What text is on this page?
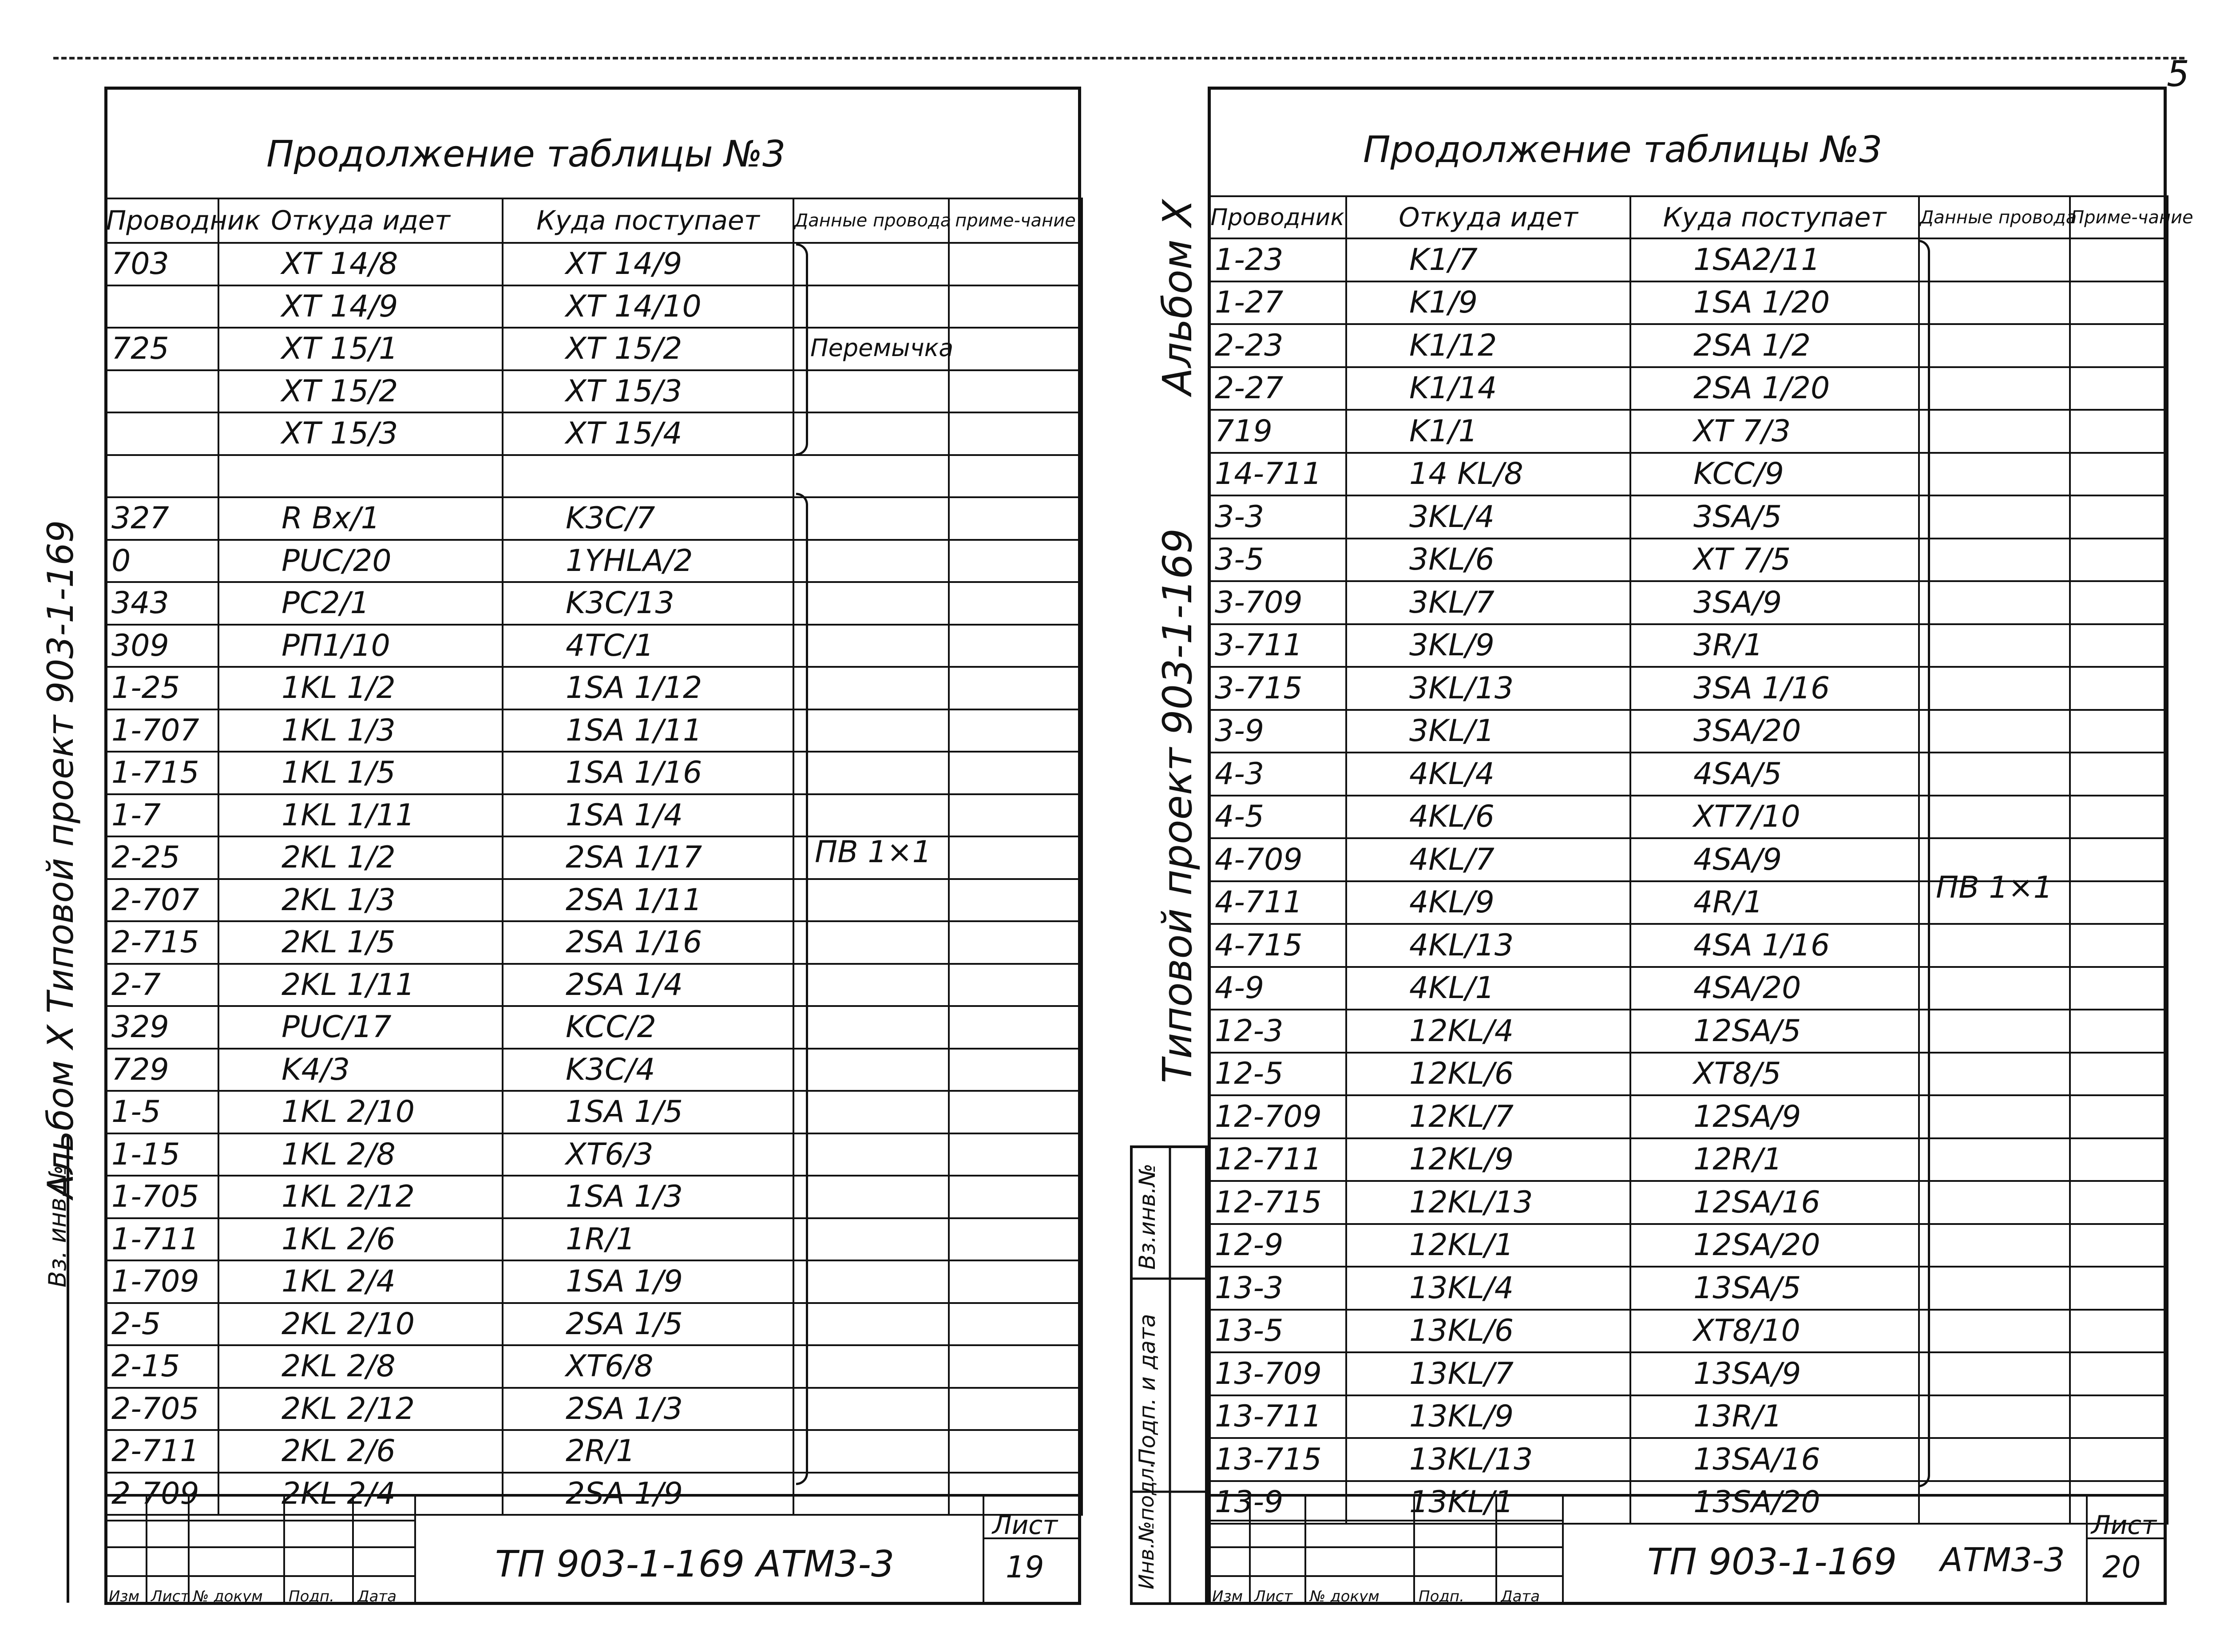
5
Продолжение таблицы №3
Проводник	Откуда идет	Куда поступает	Данные провода	приме-чание
703	XT 14/8	XT 14/9		
	XT 14/9	XT 14/10		
725	XT 15/1	XT 15/2		
	XT 15/2	XT 15/3		
	XT 15/3	XT 15/4		

327	R Bx/1	K3C/7		
0	PUC/20	1YHLA/2		
343	PC2/1	K3C/13		
309	РП1/10	4TC/1		
1-25	1KL 1/2	1SA 1/12		
1-707	1KL 1/3	1SA 1/11		
1-715	1KL 1/5	1SA 1/16		
1-7	1KL 1/11	1SA 1/4		
2-25	2KL 1/2	2SA 1/17		
2-707	2KL 1/3	2SA 1/11		
2-715	2KL 1/5	2SA 1/16		
2-7	2KL 1/11	2SA 1/4		
329	PUC/17	KCC/2		
729	K4/3	K3C/4		
1-5	1KL 2/10	1SA 1/5		
1-15	1KL 2/8	XT6/3		
1-705	1KL 2/12	1SA 1/3		
1-711	1KL 2/6	1R/1		
1-709	1KL 2/4	1SA 1/9		
2-5	2KL 2/10	2SA 1/5		
2-15	2KL 2/8	XT6/8		
2-705	2KL 2/12	2SA 1/3		
2-711	2KL 2/6	2R/1		
2-709	2KL 2/4	2SA 1/9		
Перемычка
ПВ 1×1
Изм Лист № докум Подп. Дата
ТП 903-1-169 АТМ3-3
Лист
19
Альбом Х Типовой проект 903-1-169
Вз. инв.№
Продолжение таблицы №3
Проводник	Откуда идет	Куда поступает	Данные провода	Приме-чание
1-23	K1/7	1SA2/11		
1-27	K1/9	1SA 1/20		
2-23	K1/12	2SA 1/2		
2-27	K1/14	2SA 1/20		
719	K1/1	XT 7/3		
14-711	14 KL/8	KCC/9		
3-3	3KL/4	3SA/5		
3-5	3KL/6	XT 7/5		
3-709	3KL/7	3SA/9		
3-711	3KL/9	3R/1		
3-715	3KL/13	3SA 1/16		
3-9	3KL/1	3SA/20		
4-3	4KL/4	4SA/5		
4-5	4KL/6	XT7/10		
4-709	4KL/7	4SA/9		
4-711	4KL/9	4R/1		
4-715	4KL/13	4SA 1/16		
4-9	4KL/1	4SA/20		
12-3	12KL/4	12SA/5		
12-5	12KL/6	XT8/5		
12-709	12KL/7	12SA/9		
12-711	12KL/9	12R/1		
12-715	12KL/13	12SA/16		
12-9	12KL/1	12SA/20		
13-3	13KL/4	13SA/5		
13-5	13KL/6	XT8/10		
13-709	13KL/7	13SA/9		
13-711	13KL/9	13R/1		
13-715	13KL/13	13SA/16		
13-9	13KL/1	13SA/20		
ПВ 1×1
Изм Лист № докум	Подп. Дата
ТП 903-1-169 АТМ3-3
Лист
20
Альбом Х
Типовой проект 903-1-169
Инв.№подл.
Подп. и дата
Вз.инв.№
